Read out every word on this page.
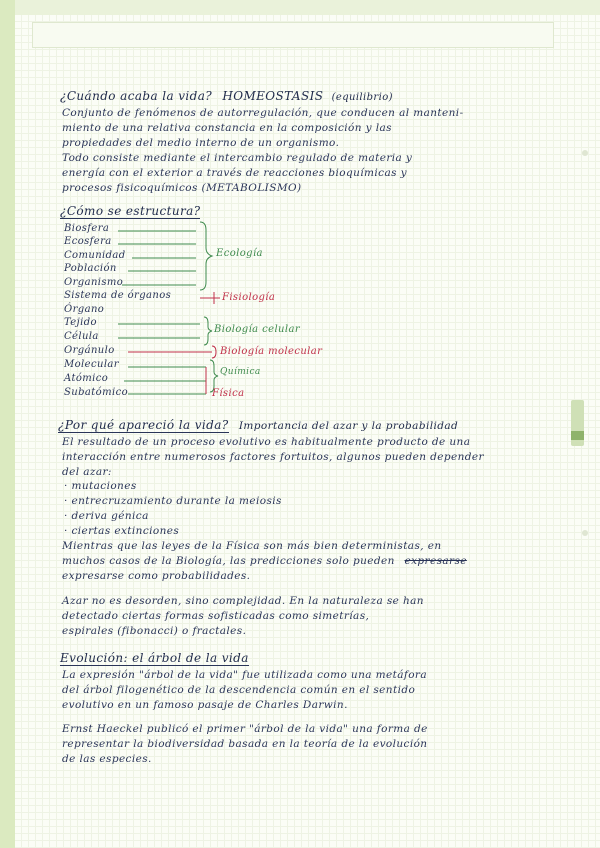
¿Cuándo acaba la vida? HOMEOSTASIS (equilibrio)
Conjunto de fenómenos de autorregulación, que conducen al manteni-
miento de una relativa constancia en la composición y las
propiedades del medio interno de un organismo.
Todo consiste mediante el intercambio regulado de materia y
energía con el exterior a través de reacciones bioquímicas y
procesos fisicoquímicos (METABOLISMO)
¿Cómo se estructura?
Biosfera
Ecosfera
Comunidad
Población
Organismo
Sistema de órganos
Órgano
Tejido
Célula
Orgánulo
Molecular
Atómico
Subatómico
Ecología
Fisiología
Biología celular
Biología molecular
Química
Física
¿Por qué apareció la vida? Importancia del azar y la probabilidad
El resultado de un proceso evolutivo es habitualmente producto de una
interacción entre numerosos factores fortuitos, algunos pueden depender
del azar:
· mutaciones
· entrecruzamiento durante la meiosis
· deriva génica
· ciertas extinciones
Mientras que las leyes de la Física son más bien deterministas, en
muchos casos de la Biología, las predicciones solo pueden expresarse
expresarse como probabilidades.
Azar no es desorden, sino complejidad. En la naturaleza se han
detectado ciertas formas sofisticadas como simetrías,
espirales (fibonacci) o fractales.
Evolución: el árbol de la vida
La expresión "árbol de la vida" fue utilizada como una metáfora
del árbol filogenético de la descendencia común en el sentido
evolutivo en un famoso pasaje de Charles Darwin.
Ernst Haeckel publicó el primer "árbol de la vida" una forma de
representar la biodiversidad basada en la teoría de la evolución
de las especies.
